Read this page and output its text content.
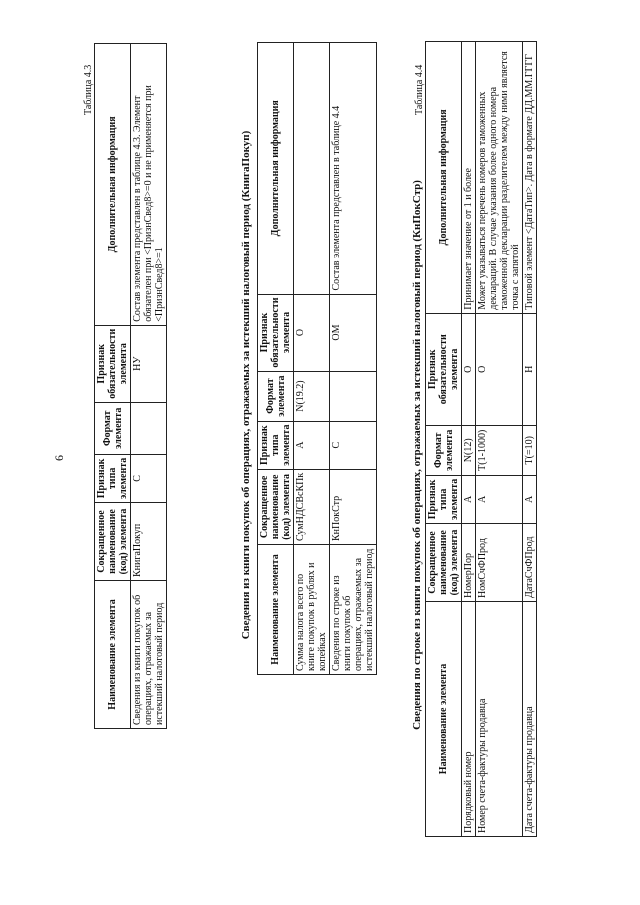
6
Наименование элемента	Сокращенное наименование (код) элемента	Признак типа элемента	Формат элемента	Признак обязательности элемента	Дополнительная информация
Сведения из книги покупок об операциях, отражаемых за истекший налоговый период	КнигаПокуп	С		НУ	Состав элемента представлен в таблице 4.3. Элемент обязателен при <ПризнСвед8>=0 и не применяется при <ПризнСвед8>=1
Таблица 4.3
Сведения из книги покупок об операциях, отражаемых за истекший налоговый период (КнигаПокуп) Наименование элемента	Сокращенное наименование (код) элемента	Признак типа элемента	Формат элемента	Признак обязательности элемента	Дополнительная информация
Сумма налога всего по книге покупок в рублях и копейках	СумНДСВсКПк	А	N(19.2)	О	
Сведения по строке из книги покупок об операциях, отражаемых за истекший налоговый период	КнПокСтр	С		ОМ	Состав элемента представлен в таблице 4.4
Таблица 4.4
Сведения по строке из книги покупок об операциях, отражаемых за истекший налоговый период (КнПокСтр) Наименование элемента	Сокращенное наименование (код) элемента	Признак типа элемента	Формат элемента	Признак обязательности элемента	Дополнительная информация
Порядковый номер	НомерПор	А	N(12)	О	Принимает значение от 1 и более
Номер счета-фактуры продавца	НомСчФПрод	А	T(1-1000)	О	Может указываться перечень номеров таможенных деклараций. В случае указания более одного номера таможенной декларации разделителем между ними является точка с запятой
Дата счета-фактуры продавца	ДатаСчФПрод	А	T(=10)	Н	Типовой элемент <ДатаТип>. Дата в формате ДД.ММ.ГГГГ
